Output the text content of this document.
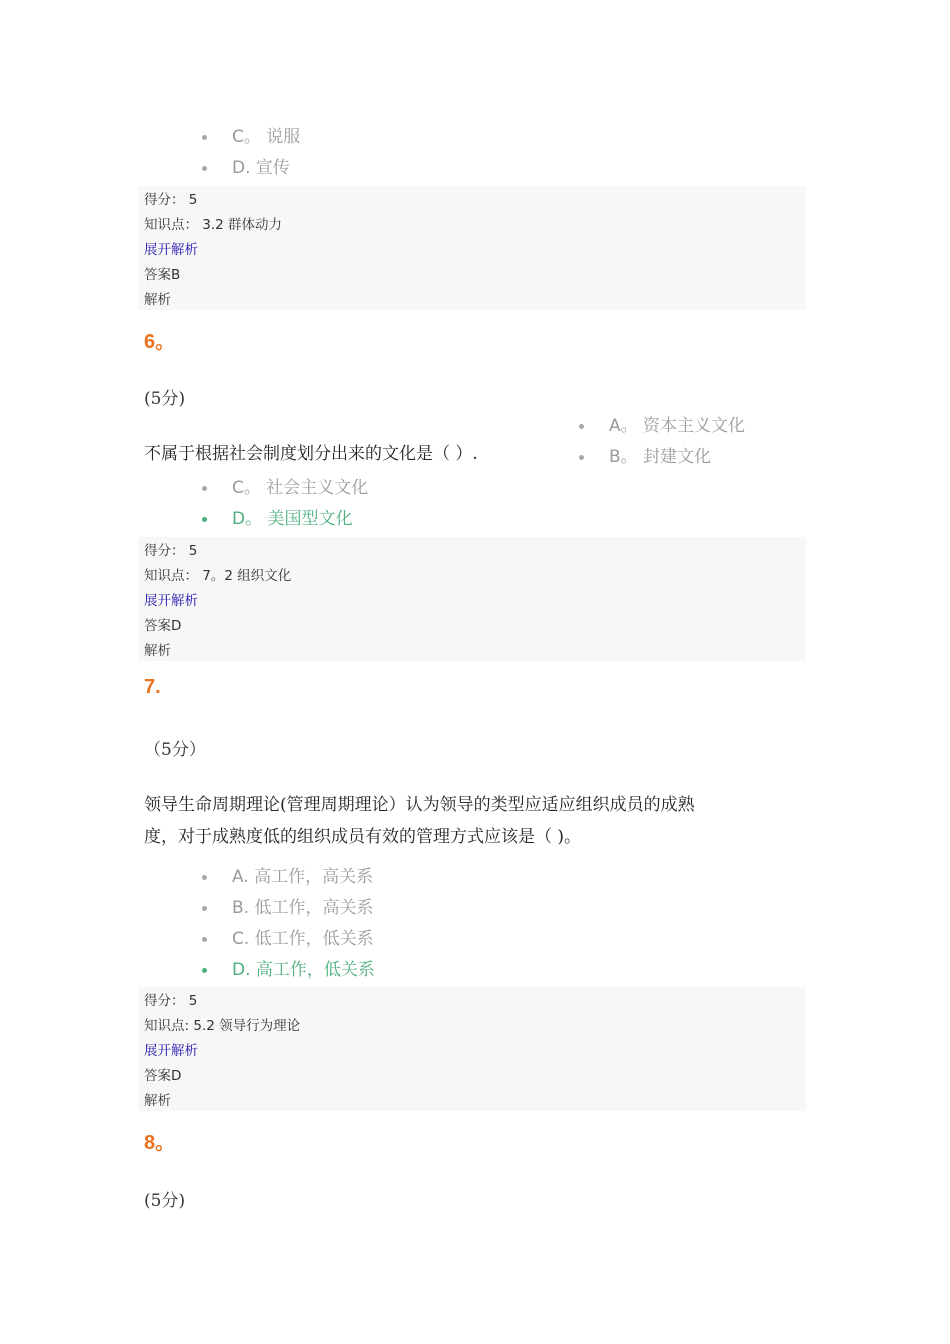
C。 说服
D. 宣传
得分： 5
知识点： 3.2 群体动力
展开解析
答案B
解析
6。
(5分)
A。 资本主义文化
B。 封建文化
不属于根据社会制度划分出来的文化是（ ）.
C。 社会主义文化
D。 美国型文化
得分： 5
知识点： 7。2 组织文化
展开解析
答案D
解析
7.
（5分）
领导生命周期理论(管理周期理论）认为领导的类型应适应组织成员的成熟
度，对于成熟度低的组织成员有效的管理方式应该是（ )。
A. 高工作，高关系
B. 低工作，高关系
C. 低工作，低关系
D. 高工作，低关系
得分： 5
知识点: 5.2 领导行为理论
展开解析
答案D
解析
8。
(5分)
